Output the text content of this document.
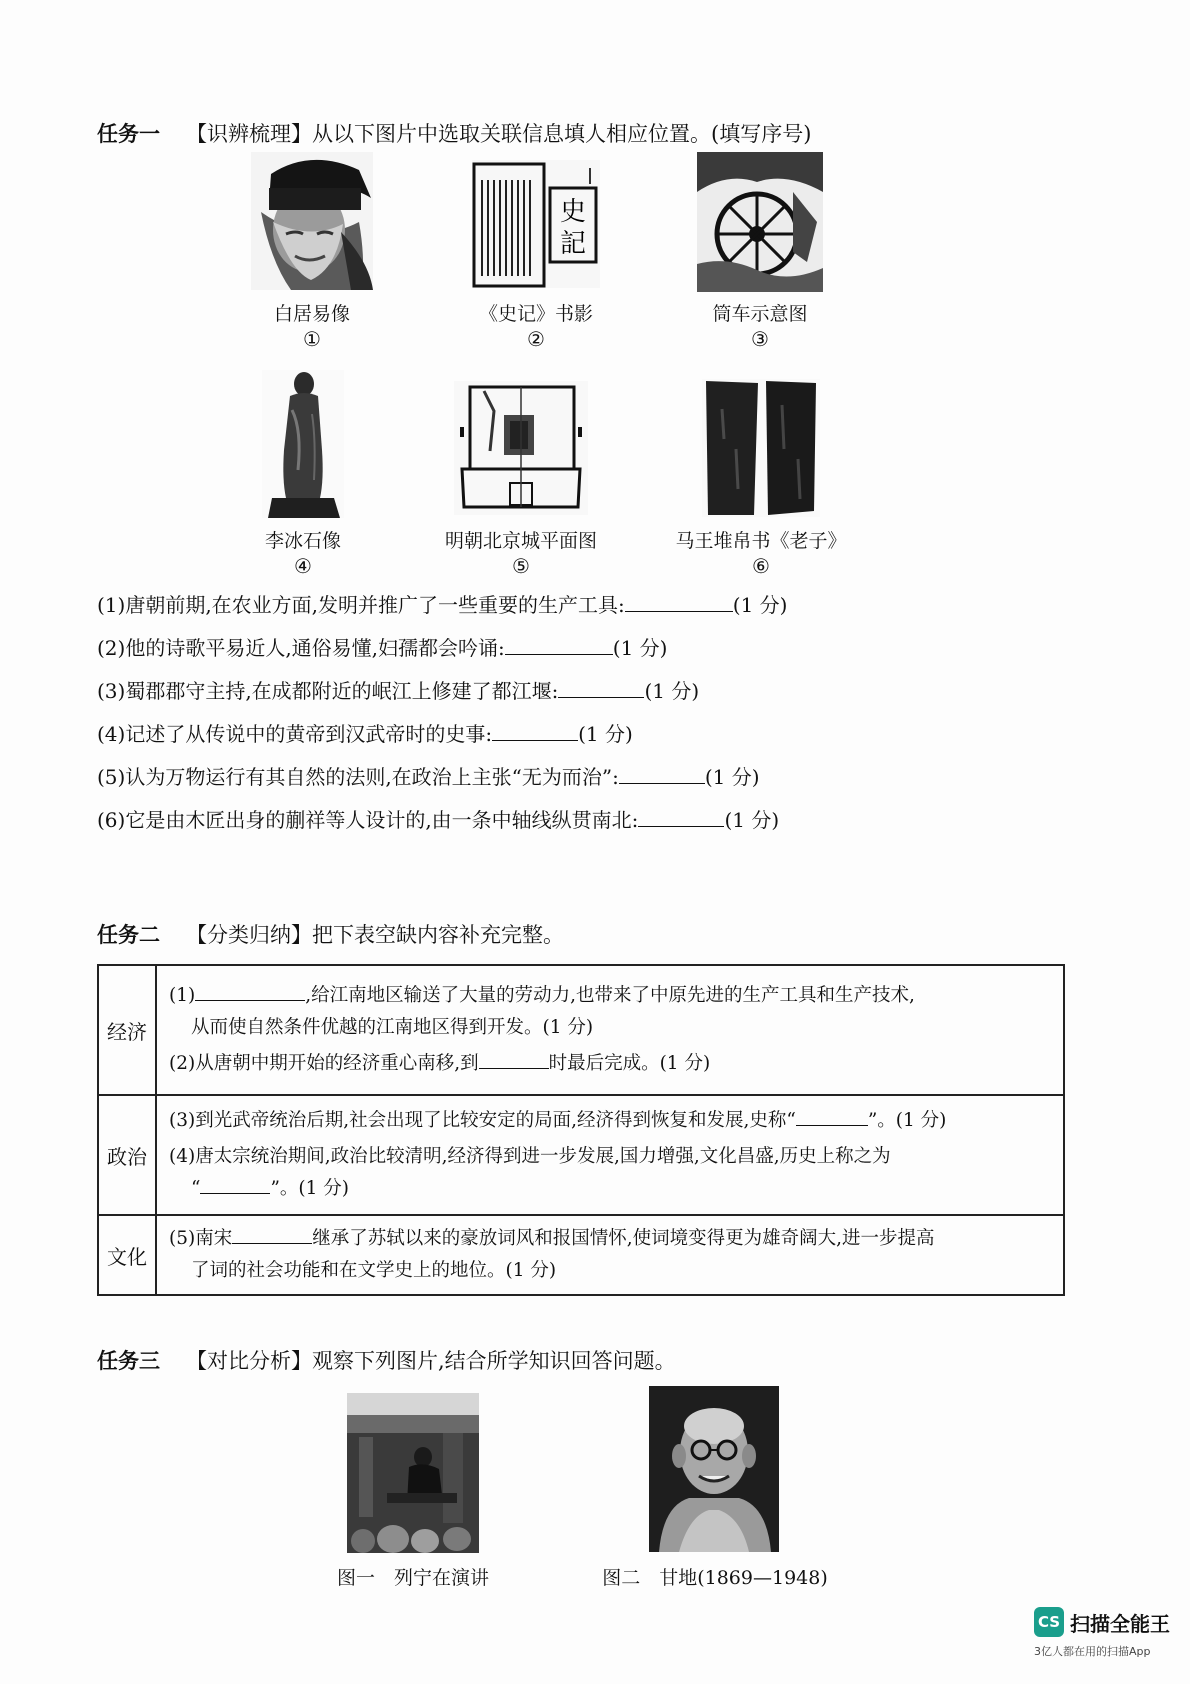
任务一 【识辨梳理】从以下图片中选取关联信息填人相应位置。(填写序号)
白居易像
①
史
記
《史记》书影
②
筒车示意图
③
李冰石像
④
明朝北京城平面图
⑤
马王堆帛书《老子》
⑥
(1)唐朝前期,在农业方面,发明并推广了一些重要的生产工具:	(1 分)
(2)他的诗歌平易近人,通俗易懂,妇孺都会吟诵:	(1 分)
(3)蜀郡郡守主持,在成都附近的岷江上修建了都江堰:	(1 分)
(4)记述了从传说中的黄帝到汉武帝时的史事:	(1 分)
(5)认为万物运行有其自然的法则,在政治上主张“无为而治”:	(1 分)
(6)它是由木匠出身的蒯祥等人设计的,由一条中轴线纵贯南北:	(1 分)
任务二 【分类归纳】把下表空缺内容补充完整。
经济	(1) ,给江南地区输送了大量的劳动力,也带来了中原先进的生产工具和生产技术,
从而使自然条件优越的江南地区得到开发。(1 分)
(2)从唐朝中期开始的经济重心南移,到 时最后完成。(1 分)

政治	(3)到光武帝统治后期,社会出现了比较安定的局面,经济得到恢复和发展,史称“ ”。(1 分)
(4)唐太宗统治期间,政治比较清明,经济得到进一步发展,国力增强,文化昌盛,历史上称之为
“ ”。(1 分)

文化	(5)南宋 继承了苏轼以来的豪放词风和报国情怀,使词境变得更为雄奇阔大,进一步提高
了词的社会功能和在文学史上的地位。(1 分)
任务三 【对比分析】观察下列图片,结合所学知识回答问题。
图一　列宁在演讲	图二　甘地(1869—1948)
CS 扫描全能王
3亿人都在用的扫描App
